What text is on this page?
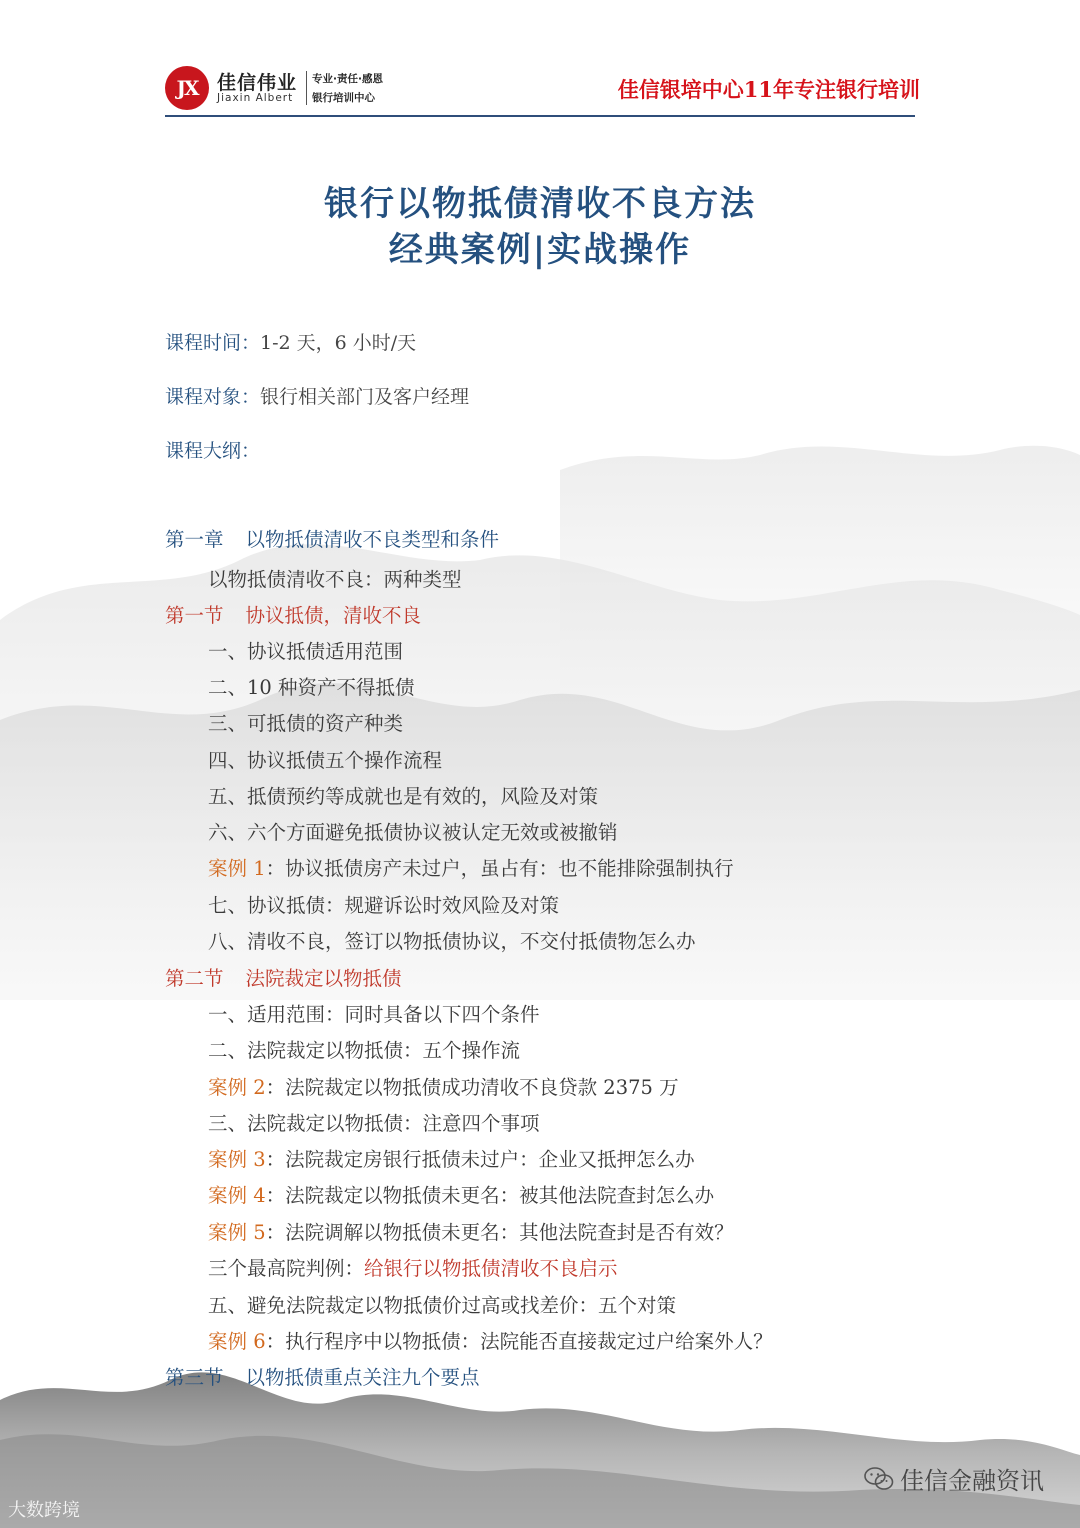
JX	佳信伟业
Jiaxin Albert
专业·责任·感恩
银行培训中心	佳信银培中心11年专注银行培训
银行以物抵债清收不良方法
经典案例|实战操作
课程时间：1-2 天，6 小时/天
课程对象：银行相关部门及客户经理
课程大纲：
第一章 以物抵债清收不良类型和条件
以物抵债清收不良：两种类型
第一节 协议抵债，清收不良
一、协议抵债适用范围
二、10 种资产不得抵债
三、可抵债的资产种类
四、协议抵债五个操作流程
五、抵债预约等成就也是有效的，风险及对策
六、六个方面避免抵债协议被认定无效或被撤销
案例 1：协议抵债房产未过户，虽占有：也不能排除强制执行
七、协议抵债：规避诉讼时效风险及对策
八、清收不良，签订以物抵债协议，不交付抵债物怎么办
第二节 法院裁定以物抵债
一、适用范围：同时具备以下四个条件
二、法院裁定以物抵债：五个操作流
案例 2：法院裁定以物抵债成功清收不良贷款 2375 万
三、法院裁定以物抵债：注意四个事项
案例 3：法院裁定房银行抵债未过户：企业又抵押怎么办
案例 4：法院裁定以物抵债未更名：被其他法院查封怎么办
案例 5：法院调解以物抵债未更名：其他法院查封是否有效？
三个最高院判例：给银行以物抵债清收不良启示
五、避免法院裁定以物抵债价过高或找差价：五个对策
案例 6：执行程序中以物抵债：法院能否直接裁定过户给案外人？
第三节 以物抵债重点关注九个要点
佳信金融资讯
大数跨境
